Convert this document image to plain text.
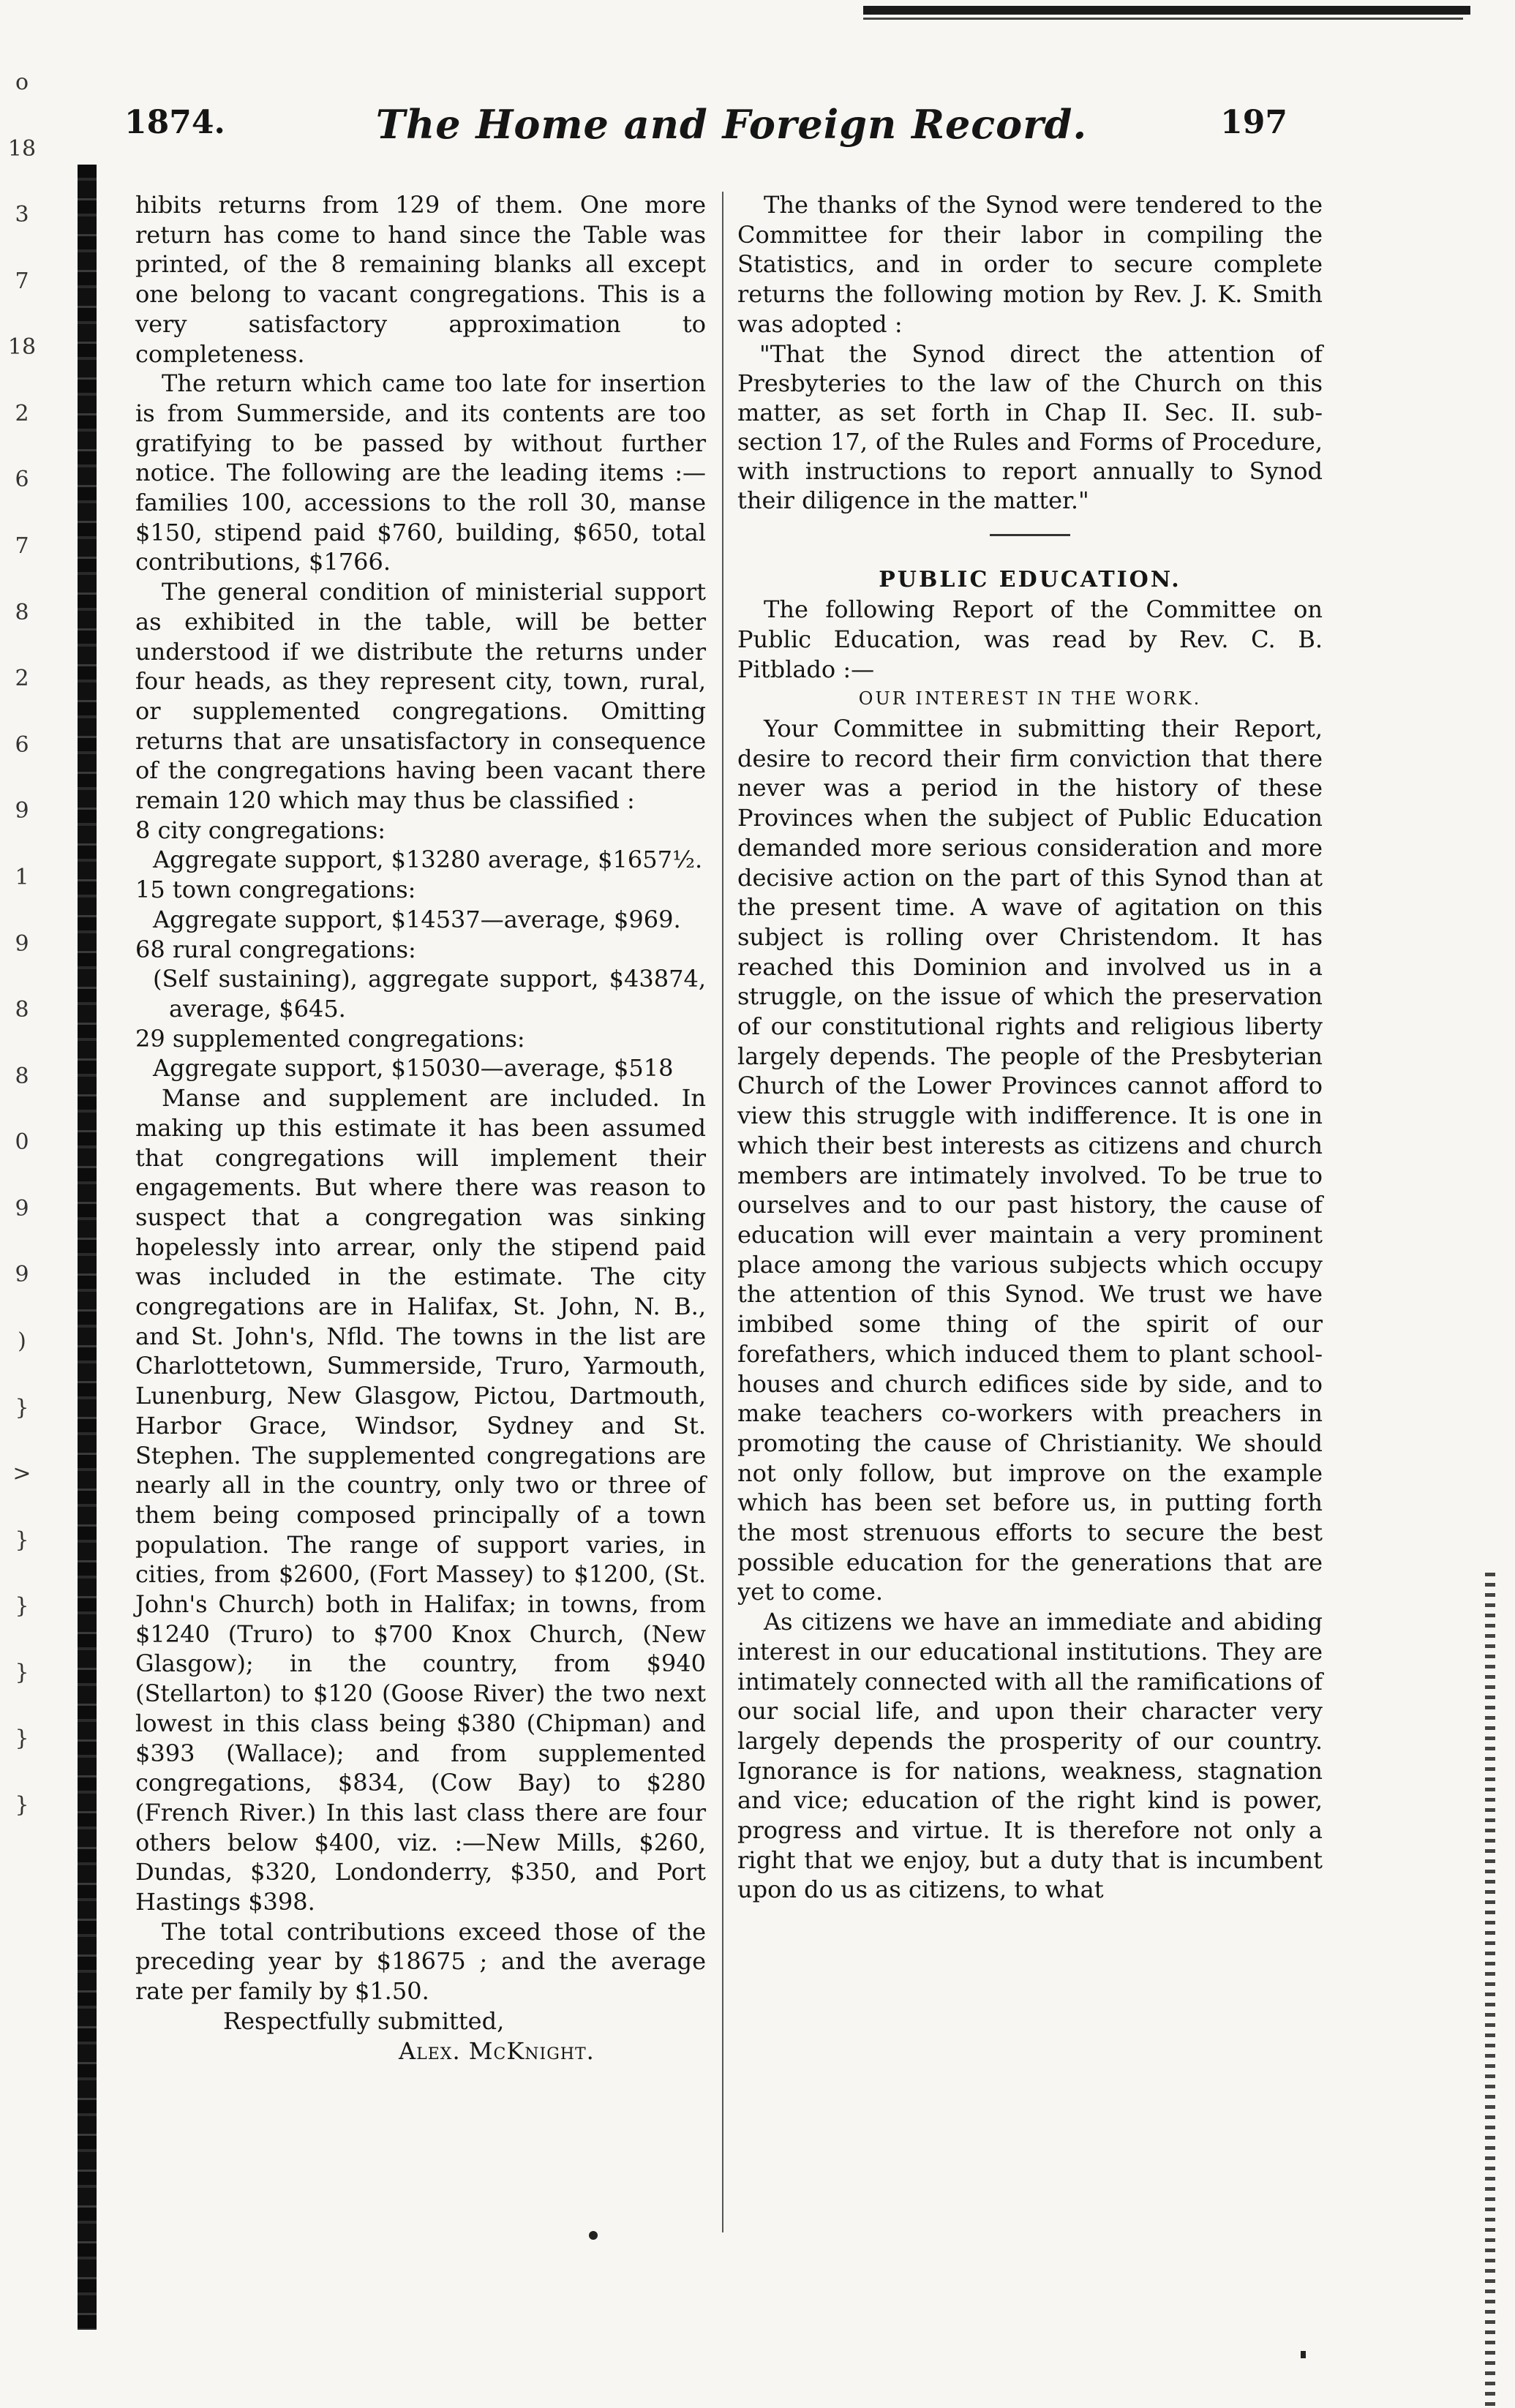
o
18
3
7
18
2
6
7
8
2
6
9
1
9
8
8
0
9
9
)
}
>
}
}
}
}
}
1874.	The Home and Foreign Record.	197

hibits returns from 129 of them. One more return has come to hand since the Table was printed, of the 8 remaining blanks all except one belong to vacant congregations. This is a very satisfactory approximation to completeness.

The return which came too late for insertion is from Summerside, and its contents are too gratifying to be passed by without further notice. The following are the leading items :—families 100, accessions to the roll 30, manse $150, stipend paid $760, building, $650, total contributions, $1766.

The general condition of ministerial support as exhibited in the table, will be better understood if we distribute the returns under four heads, as they represent city, town, rural, or supplemented congregations. Omitting returns that are unsatisfactory in consequence of the congregations having been vacant there remain 120 which may thus be classified :

8 city congregations:

Aggregate support, $13280 average, $1657½.

15 town congregations:

Aggregate support, $14537—average, $969.

68 rural congregations:

(Self sustaining), aggregate support, $43874, average, $645.

29 supplemented congregations:

Aggregate support, $15030—average, $518

Manse and supplement are included. In making up this estimate it has been assumed that congregations will implement their engagements. But where there was reason to suspect that a congregation was sinking hopelessly into arrear, only the stipend paid was included in the estimate. The city congregations are in Halifax, St. John, N. B., and St. John's, Nfld. The towns in the list are Charlottetown, Summerside, Truro, Yarmouth, Lunenburg, New Glasgow, Pictou, Dartmouth, Harbor Grace, Windsor, Sydney and St. Stephen. The supplemented congregations are nearly all in the country, only two or three of them being composed principally of a town population. The range of support varies, in cities, from $2600, (Fort Massey) to $1200, (St. John's Church) both in Halifax; in towns, from $1240 (Truro) to $700 Knox Church, (New Glasgow); in the country, from $940 (Stellarton) to $120 (Goose River) the two next lowest in this class being $380 (Chipman) and $393 (Wallace); and from supplemented congregations, $834, (Cow Bay) to $280 (French River.) In this last class there are four others below $400, viz. :—New Mills, $260, Dundas, $320, Londonderry, $350, and Port Hastings $398.

The total contributions exceed those of the preceding year by $18675 ; and the average rate per family by $1.50.

Respectfully submitted,

Alex. McKnight.

The thanks of the Synod were tendered to the Committee for their labor in compiling the Statistics, and in order to secure complete returns the following motion by Rev. J. K. Smith was adopted :

"That the Synod direct the attention of Presbyteries to the law of the Church on this matter, as set forth in Chap II. Sec. II. sub-section 17, of the Rules and Forms of Procedure, with instructions to report annually to Synod their diligence in the matter."

PUBLIC EDUCATION.

The following Report of the Committee on Public Education, was read by Rev. C. B. Pitblado :—

OUR INTEREST IN THE WORK.

Your Committee in submitting their Report, desire to record their firm conviction that there never was a period in the history of these Provinces when the subject of Public Education demanded more serious consideration and more decisive action on the part of this Synod than at the present time. A wave of agitation on this subject is rolling over Christendom. It has reached this Dominion and involved us in a struggle, on the issue of which the preservation of our constitutional rights and religious liberty largely depends. The people of the Presbyterian Church of the Lower Provinces cannot afford to view this struggle with indifference. It is one in which their best interests as citizens and church members are intimately involved. To be true to ourselves and to our past history, the cause of education will ever maintain a very prominent place among the various subjects which occupy the attention of this Synod. We trust we have imbibed some thing of the spirit of our forefathers, which induced them to plant school-houses and church edifices side by side, and to make teachers co-workers with preachers in promoting the cause of Christianity. We should not only follow, but improve on the example which has been set before us, in putting forth the most strenuous efforts to secure the best possible education for the generations that are yet to come.

As citizens we have an immediate and abiding interest in our educational institutions. They are intimately connected with all the ramifications of our social life, and upon their character very largely depends the prosperity of our country. Ignorance is for nations, weakness, stagnation and vice; education of the right kind is power, progress and virtue. It is therefore not only a right that we enjoy, but a duty that is incumbent upon do us as citizens, to what
